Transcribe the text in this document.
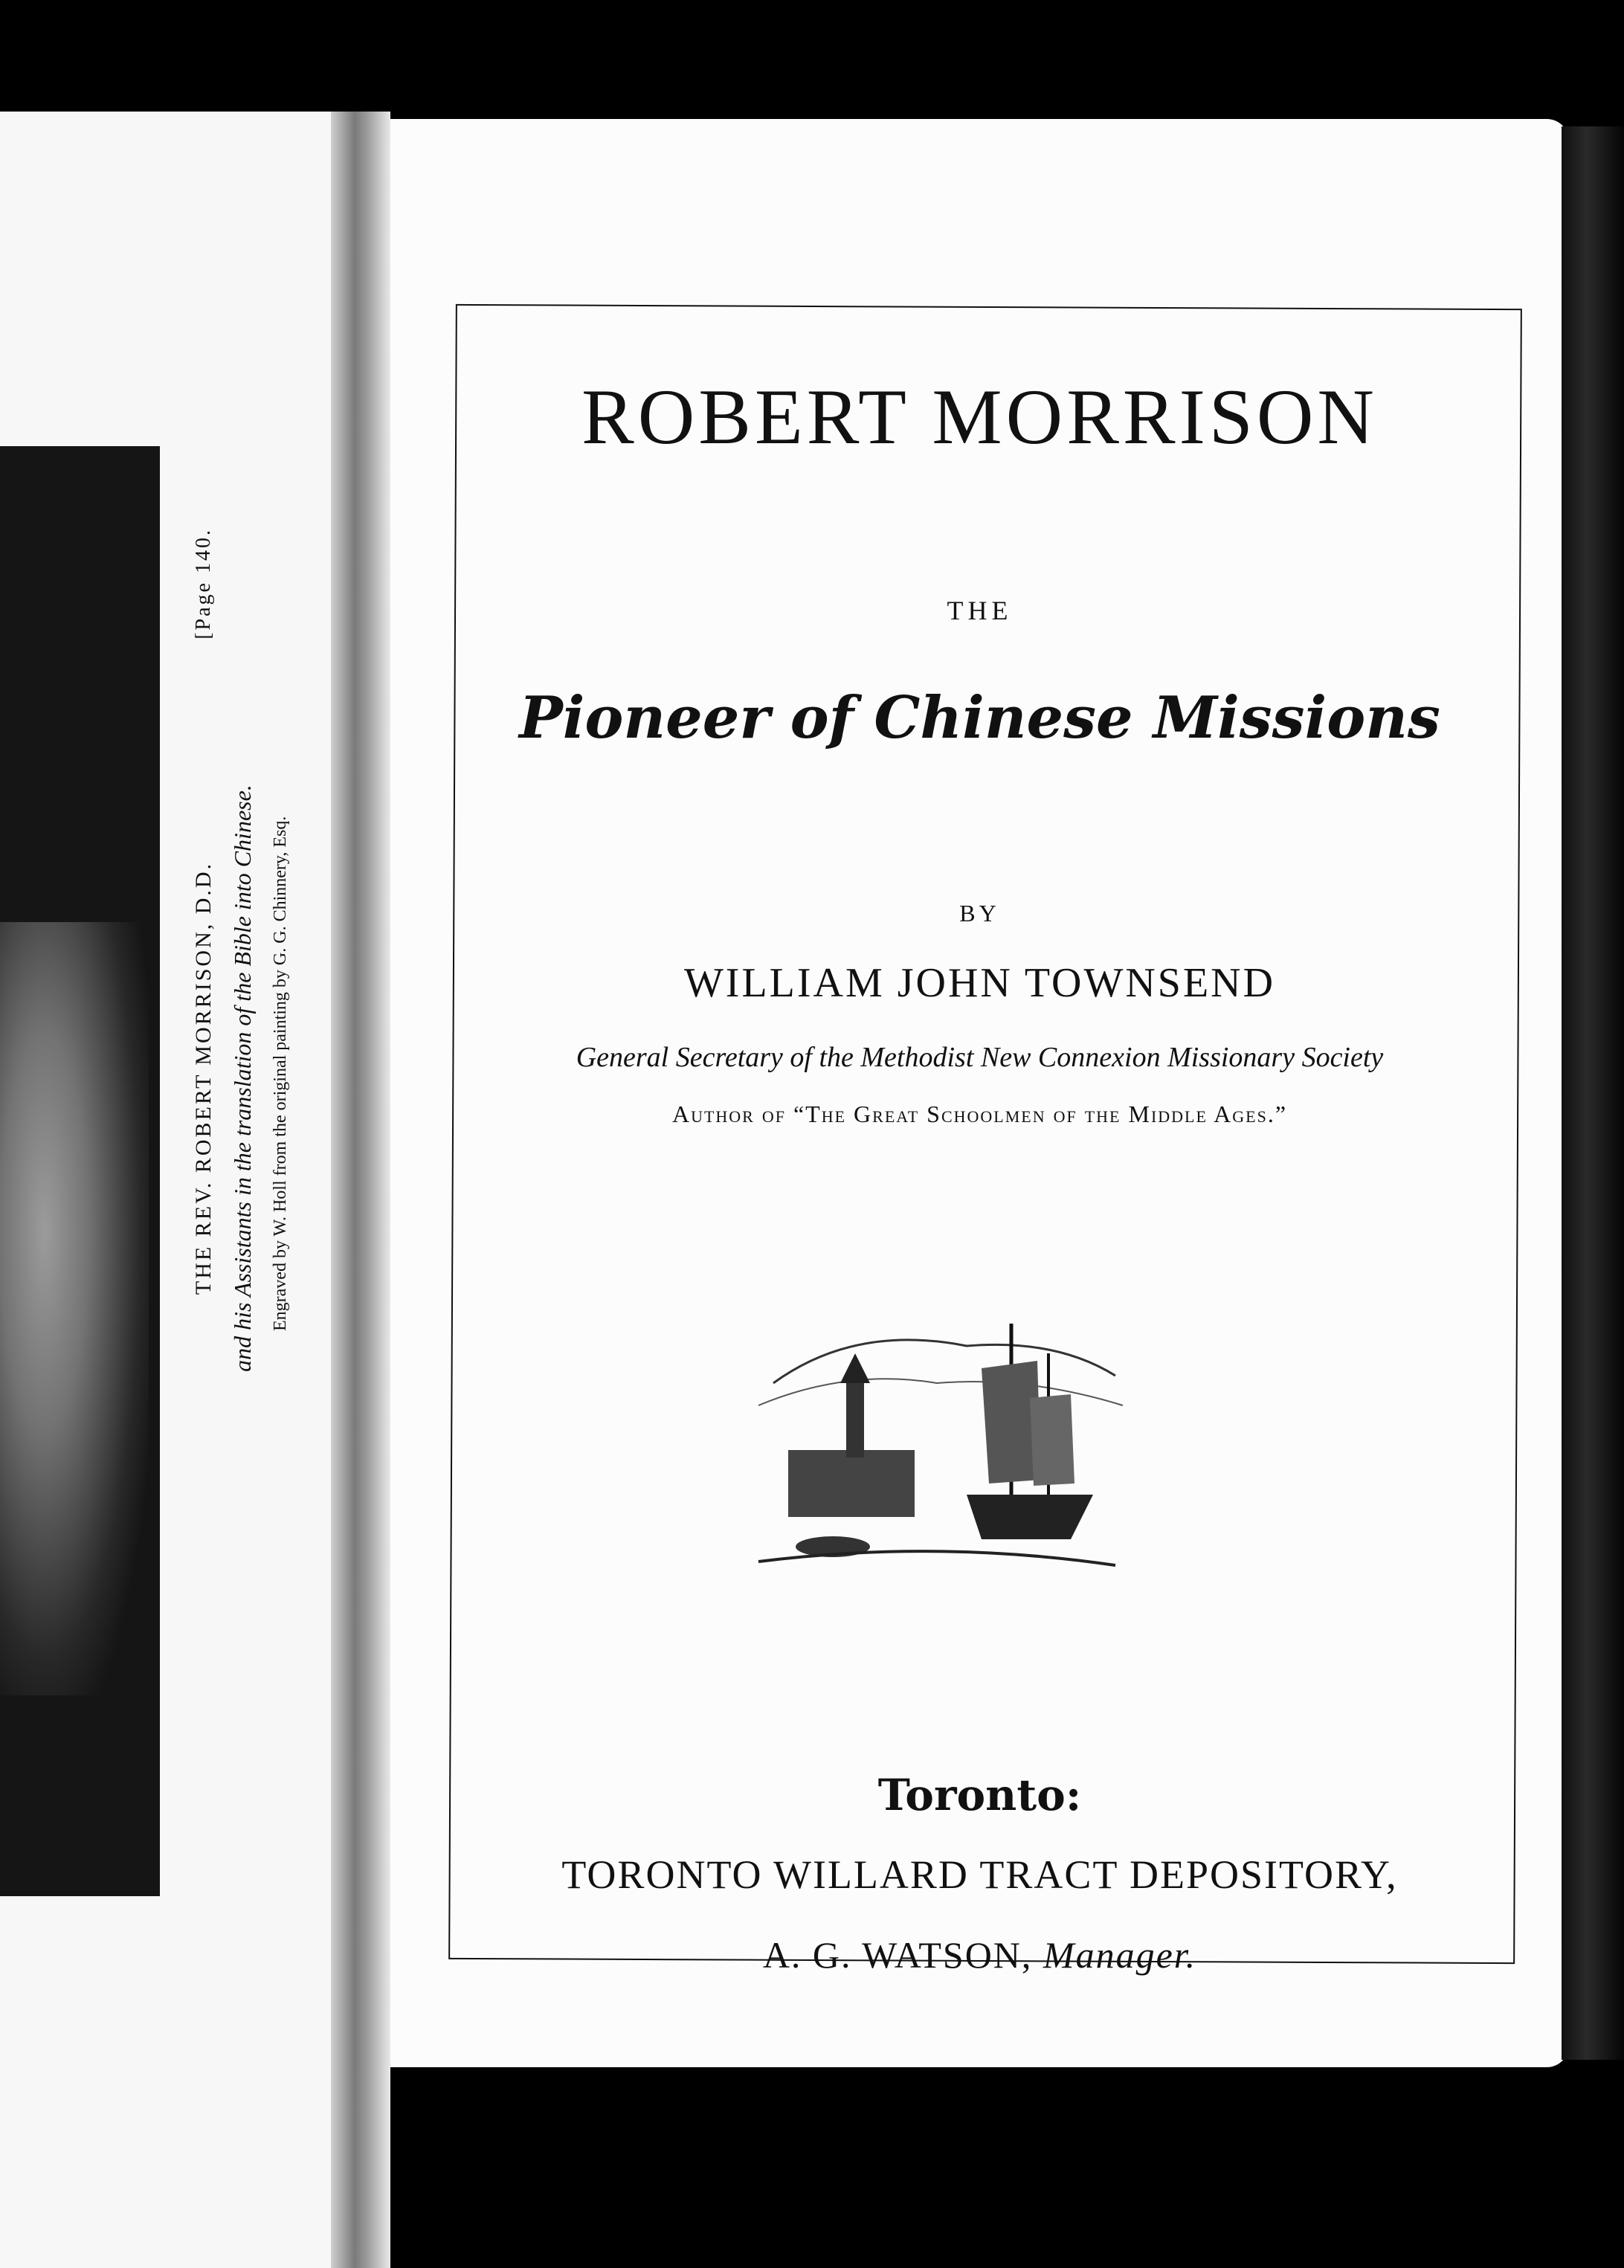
THE REV. ROBERT MORRISON, D.D.
[Page 140.
and his Assistants in the translation of the Bible into Chinese. Engraved by W. Holl from the original painting by G. G. Chinnery, Esq.
ROBERT MORRISON
THE
Pioneer of Chinese Missions
BY
WILLIAM JOHN TOWNSEND
General Secretary of the Methodist New Connexion Missionary Society
Author of “The Great Schoolmen of the Middle Ages.”
Toronto:
TORONTO WILLARD TRACT DEPOSITORY,
A. G. WATSON, Manager.
